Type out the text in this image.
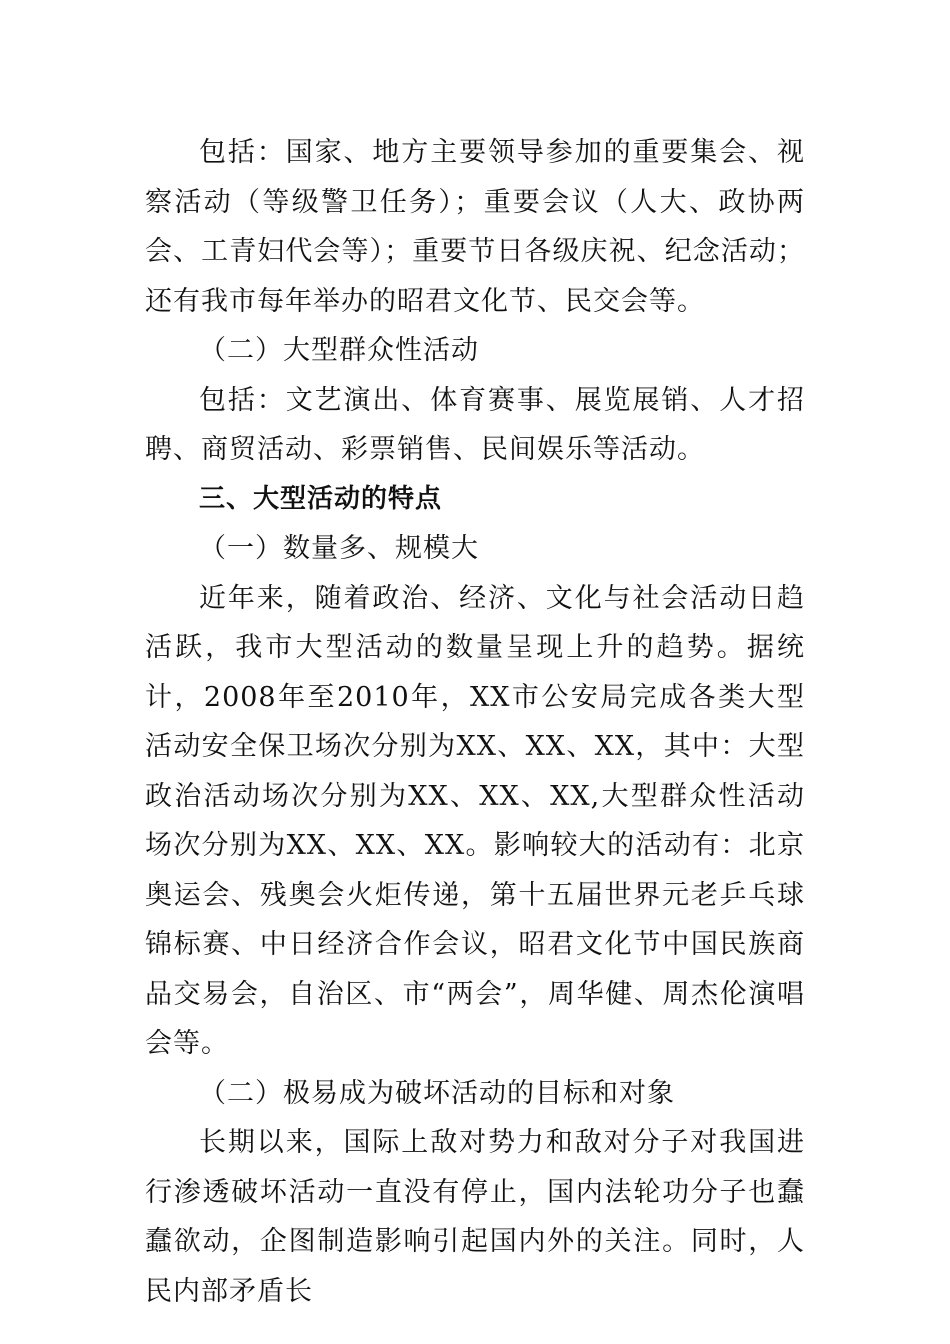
包括：国家、地方主要领导参加的重要集会、视察活动（等级警卫任务）；重要会议（人大、政协两会、工青妇代会等）；重要节日各级庆祝、纪念活动；还有我市每年举办的昭君文化节、民交会等。

（二）大型群众性活动

包括：文艺演出、体育赛事、展览展销、人才招聘、商贸活动、彩票销售、民间娱乐等活动。

三、大型活动的特点

（一）数量多、规模大

近年来，随着政治、经济、文化与社会活动日趋活跃，我市大型活动的数量呈现上升的趋势。据统计，2008年至2010年，XX市公安局完成各类大型活动安全保卫场次分别为XX、XX、XX，其中：大型政治活动场次分别为XX、XX、XX,大型群众性活动场次分别为XX、XX、XX。影响较大的活动有：北京奥运会、残奥会火炬传递，第十五届世界元老乒乓球锦标赛、中日经济合作会议，昭君文化节中国民族商品交易会，自治区、市“两会”，周华健、周杰伦演唱会等。

（二）极易成为破坏活动的目标和对象

长期以来，国际上敌对势力和敌对分子对我国进行渗透破坏活动一直没有停止，国内法轮功分子也蠢蠢欲动，企图制造影响引起国内外的关注。同时，人民内部矛盾长
